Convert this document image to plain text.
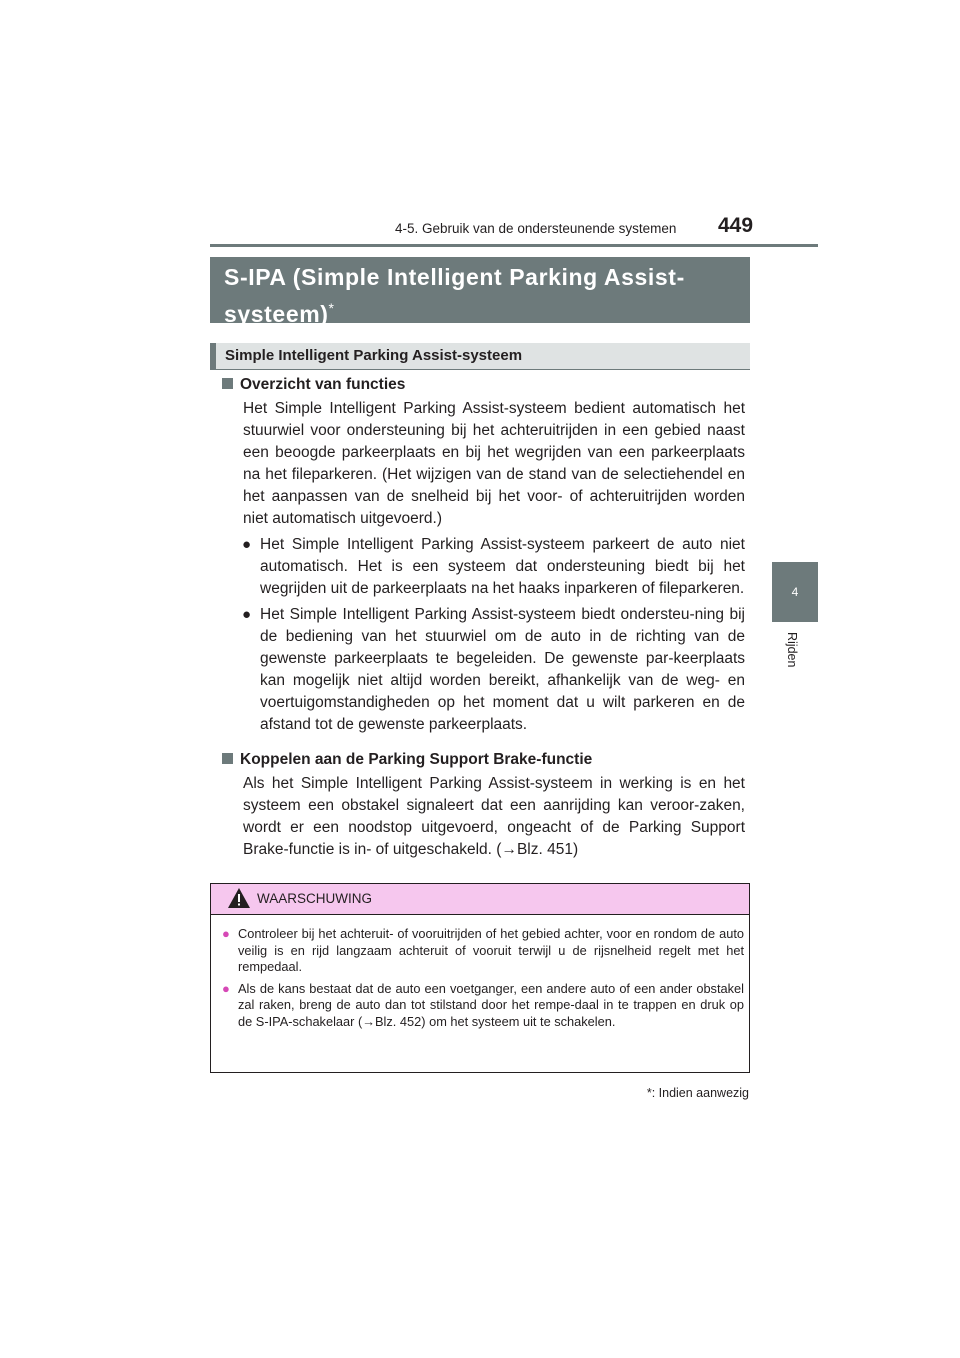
4-5. Gebruik van de ondersteunende systemen 449
4
Rijden
S-IPA (Simple Intelligent Parking Assist-systeem)*
Simple Intelligent Parking Assist-systeem

Overzicht van functies

Het Simple Intelligent Parking Assist-systeem bedient automatisch het stuurwiel voor ondersteuning bij het achteruitrijden in een gebied naast een beoogde parkeerplaats en bij het wegrijden van een parkeerplaats na het fileparkeren. (Het wijzigen van de stand van de selectiehendel en het aanpassen van de snelheid bij het voor- of achteruitrijden worden niet automatisch uitgevoerd.)

● Het Simple Intelligent Parking Assist-systeem parkeert de auto niet automatisch. Het is een systeem dat ondersteuning biedt bij het wegrijden uit de parkeerplaats na het haaks inparkeren of fileparkeren.
● Het Simple Intelligent Parking Assist-systeem biedt ondersteu-ning bij de bediening van het stuurwiel om de auto in de richting van de gewenste parkeerplaats te begeleiden. De gewenste par-keerplaats kan mogelijk niet altijd worden bereikt, afhankelijk van de weg- en voertuigomstandigheden op het moment dat u wilt parkeren en de afstand tot de gewenste parkeerplaats.

Koppelen aan de Parking Support Brake-functie

Als het Simple Intelligent Parking Assist-systeem in werking is en het systeem een obstakel signaleert dat een aanrijding kan veroor-zaken, wordt er een noodstop uitgevoerd, ongeacht of de Parking Support Brake-functie is in- of uitgeschakeld. (→Blz. 451)

WAARSCHUWING
● Controleer bij het achteruit- of vooruitrijden of het gebied achter, voor en rondom de auto veilig is en rijd langzaam achteruit of vooruit terwijl u de rijsnelheid regelt met het rempedaal.
● Als de kans bestaat dat de auto een voetganger, een andere auto of een ander obstakel zal raken, breng de auto dan tot stilstand door het rempe-daal in te trappen en druk op de S-IPA-schakelaar (→Blz. 452) om het systeem uit te schakelen.
*: Indien aanwezig
